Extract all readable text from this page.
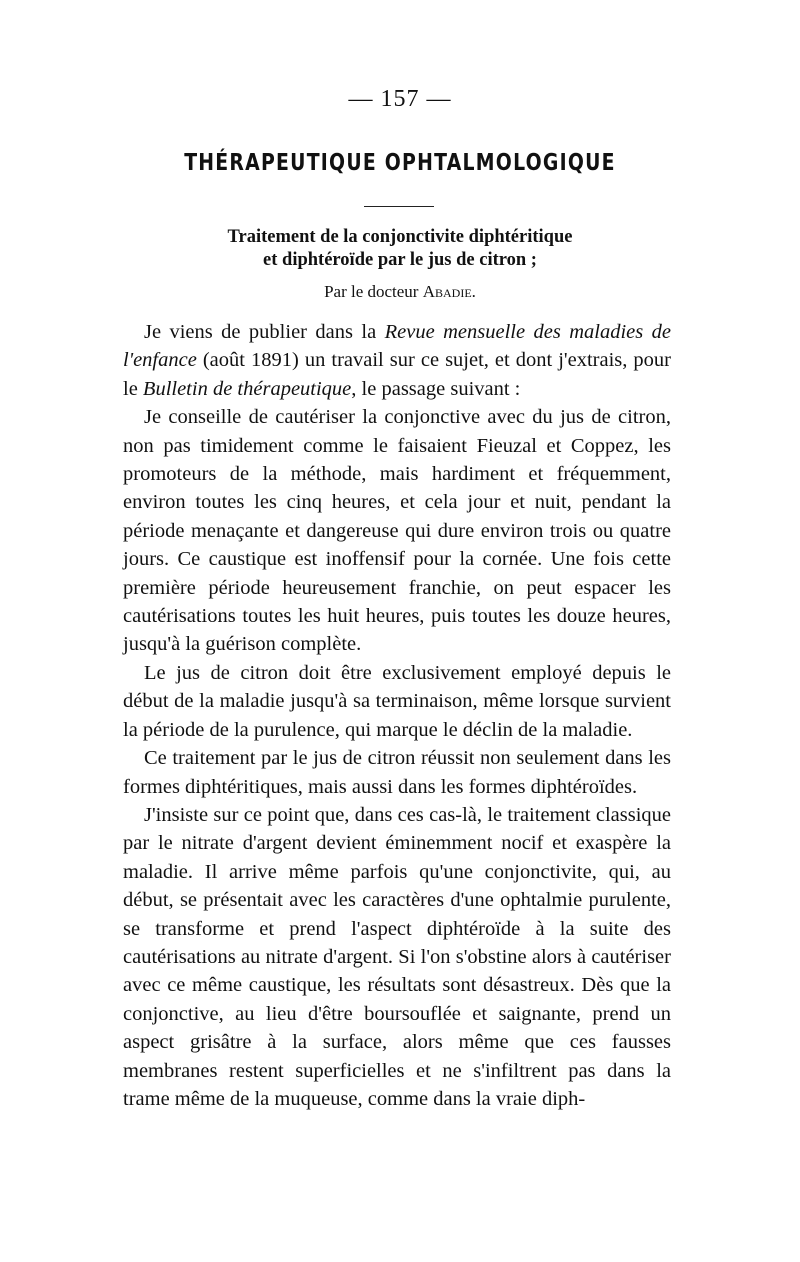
— 157 —
THÉRAPEUTIQUE OPHTALMOLOGIQUE
Traitement de la conjonctivite diphtéritique
et diphtéroïde par le jus de citron ;
Par le docteur Abadie.

Je viens de publier dans la Revue mensuelle des maladies de l'enfance (août 1891) un travail sur ce sujet, et dont j'extrais, pour le Bulletin de thérapeutique, le passage suivant :

Je conseille de cautériser la conjonctive avec du jus de citron, non pas timidement comme le faisaient Fieuzal et Coppez, les promoteurs de la méthode, mais hardiment et fréquemment, environ toutes les cinq heures, et cela jour et nuit, pendant la période menaçante et dangereuse qui dure environ trois ou quatre jours. Ce caustique est inoffensif pour la cornée. Une fois cette première période heureusement franchie, on peut espacer les cautérisations toutes les huit heures, puis toutes les douze heures, jusqu'à la guérison complète.

Le jus de citron doit être exclusivement employé depuis le début de la maladie jusqu'à sa terminaison, même lorsque survient la période de la purulence, qui marque le déclin de la maladie.

Ce traitement par le jus de citron réussit non seulement dans les formes diphtéritiques, mais aussi dans les formes diphtéroïdes.

J'insiste sur ce point que, dans ces cas-là, le traitement classique par le nitrate d'argent devient éminemment nocif et exaspère la maladie. Il arrive même parfois qu'une conjonctivite, qui, au début, se présentait avec les caractères d'une ophtalmie purulente, se transforme et prend l'aspect diphtéroïde à la suite des cautérisations au nitrate d'argent. Si l'on s'obstine alors à cautériser avec ce même caustique, les résultats sont désastreux. Dès que la conjonctive, au lieu d'être boursouflée et saignante, prend un aspect grisâtre à la surface, alors même que ces fausses membranes restent superficielles et ne s'infiltrent pas dans la trame même de la muqueuse, comme dans la vraie diph-
